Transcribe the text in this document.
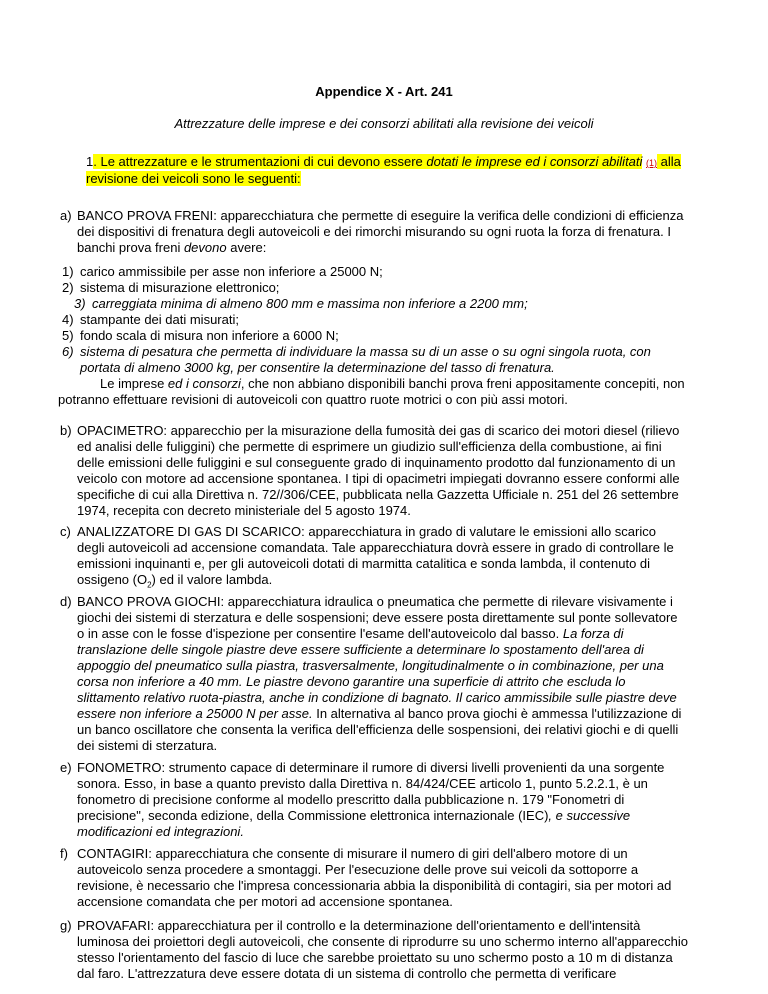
Appendice X - Art. 241
Attrezzature delle imprese e dei consorzi abilitati alla revisione dei veicoli
1. Le attrezzature e le strumentazioni di cui devono essere dotati le imprese ed i consorzi abilitati (1) alla revisione dei veicoli sono le seguenti:
a) BANCO PROVA FRENI: apparecchiatura che permette di eseguire la verifica delle condizioni di efficienza
dei dispositivi di frenatura degli autoveicoli e dei rimorchi misurando su ogni ruota la forza di frenatura. I
banchi prova freni devono avere:
1) carico ammissibile per asse non inferiore a 25000 N;
2) sistema di misurazione elettronico;
3) carreggiata minima di almeno 800 mm e massima non inferiore a 2200 mm;
4) stampante dei dati misurati;
5) fondo scala di misura non inferiore a 6000 N;
6) sistema di pesatura che permetta di individuare la massa su di un asse o su ogni singola ruota, con
portata di almeno 3000 kg, per consentire la determinazione del tasso di frenatura.
Le imprese ed i consorzi, che non abbiano disponibili banchi prova freni appositamente concepiti, non
potranno effettuare revisioni di autoveicoli con quattro ruote motrici o con più assi motori.
b) OPACIMETRO: apparecchio per la misurazione della fumosità dei gas di scarico dei motori diesel (rilievo
ed analisi delle fuliggini) che permette di esprimere un giudizio sull'efficienza della combustione, ai fini
delle emissioni delle fuliggini e sul conseguente grado di inquinamento prodotto dal funzionamento di un
veicolo con motore ad accensione spontanea. I tipi di opacimetri impiegati dovranno essere conformi alle
specifiche di cui alla Direttiva n. 72//306/CEE, pubblicata nella Gazzetta Ufficiale n. 251 del 26 settembre
1974, recepita con decreto ministeriale del 5 agosto 1974.
c) ANALIZZATORE DI GAS DI SCARICO: apparecchiatura in grado di valutare le emissioni allo scarico
degli autoveicoli ad accensione comandata. Tale apparecchiatura dovrà essere in grado di controllare le
emissioni inquinanti e, per gli autoveicoli dotati di marmitta catalitica e sonda lambda, il contenuto di
ossigeno $(O_2)$ ed il valore lambda.
d) BANCO PROVA GIOCHI: apparecchiatura idraulica o pneumatica che permette di rilevare visivamente i
giochi dei sistemi di sterzatura e delle sospensioni; deve essere posta direttamente sul ponte sollevatore
o in asse con le fosse d'ispezione per consentire l'esame dell'autoveicolo dal basso. La forza di
translazione delle singole piastre deve essere sufficiente a determinare lo spostamento dell'area di
appoggio del pneumatico sulla piastra, trasversalmente, longitudinalmente o in combinazione, per una
corsa non inferiore a 40 mm. Le piastre devono garantire una superficie di attrito che escluda lo
slittamento relativo ruota-piastra, anche in condizione di bagnato. Il carico ammissibile sulle piastre deve
essere non inferiore a 25000 N per asse. In alternativa al banco prova giochi è ammessa l'utilizzazione di
un banco oscillatore che consenta la verifica dell'efficienza delle sospensioni, dei relativi giochi e di quelli
dei sistemi di sterzatura.
e) FONOMETRO: strumento capace di determinare il rumore di diversi livelli provenienti da una sorgente
sonora. Esso, in base a quanto previsto dalla Direttiva n. 84/424/CEE articolo 1, punto 5.2.2.1, è un
fonometro di precisione conforme al modello prescritto dalla pubblicazione n. 179 "Fonometri di
precisione", seconda edizione, della Commissione elettronica internazionale (IEC), e successive
modificazioni ed integrazioni.
f) CONTAGIRI: apparecchiatura che consente di misurare il numero di giri dell'albero motore di un
autoveicolo senza procedere a smontaggi. Per l'esecuzione delle prove sui veicoli da sottoporre a
revisione, è necessario che l'impresa concessionaria abbia la disponibilità di contagiri, sia per motori ad
accensione comandata che per motori ad accensione spontanea.
g) PROVAFARI: apparecchiatura per il controllo e la determinazione dell'orientamento e dell'intensità
luminosa dei proiettori degli autoveicoli, che consente di riprodurre su uno schermo interno all'apparecchio
stesso l'orientamento del fascio di luce che sarebbe proiettato su uno schermo posto a 10 m di distanza
dal faro. L'attrezzatura deve essere dotata di un sistema di controllo che permetta di verificare
